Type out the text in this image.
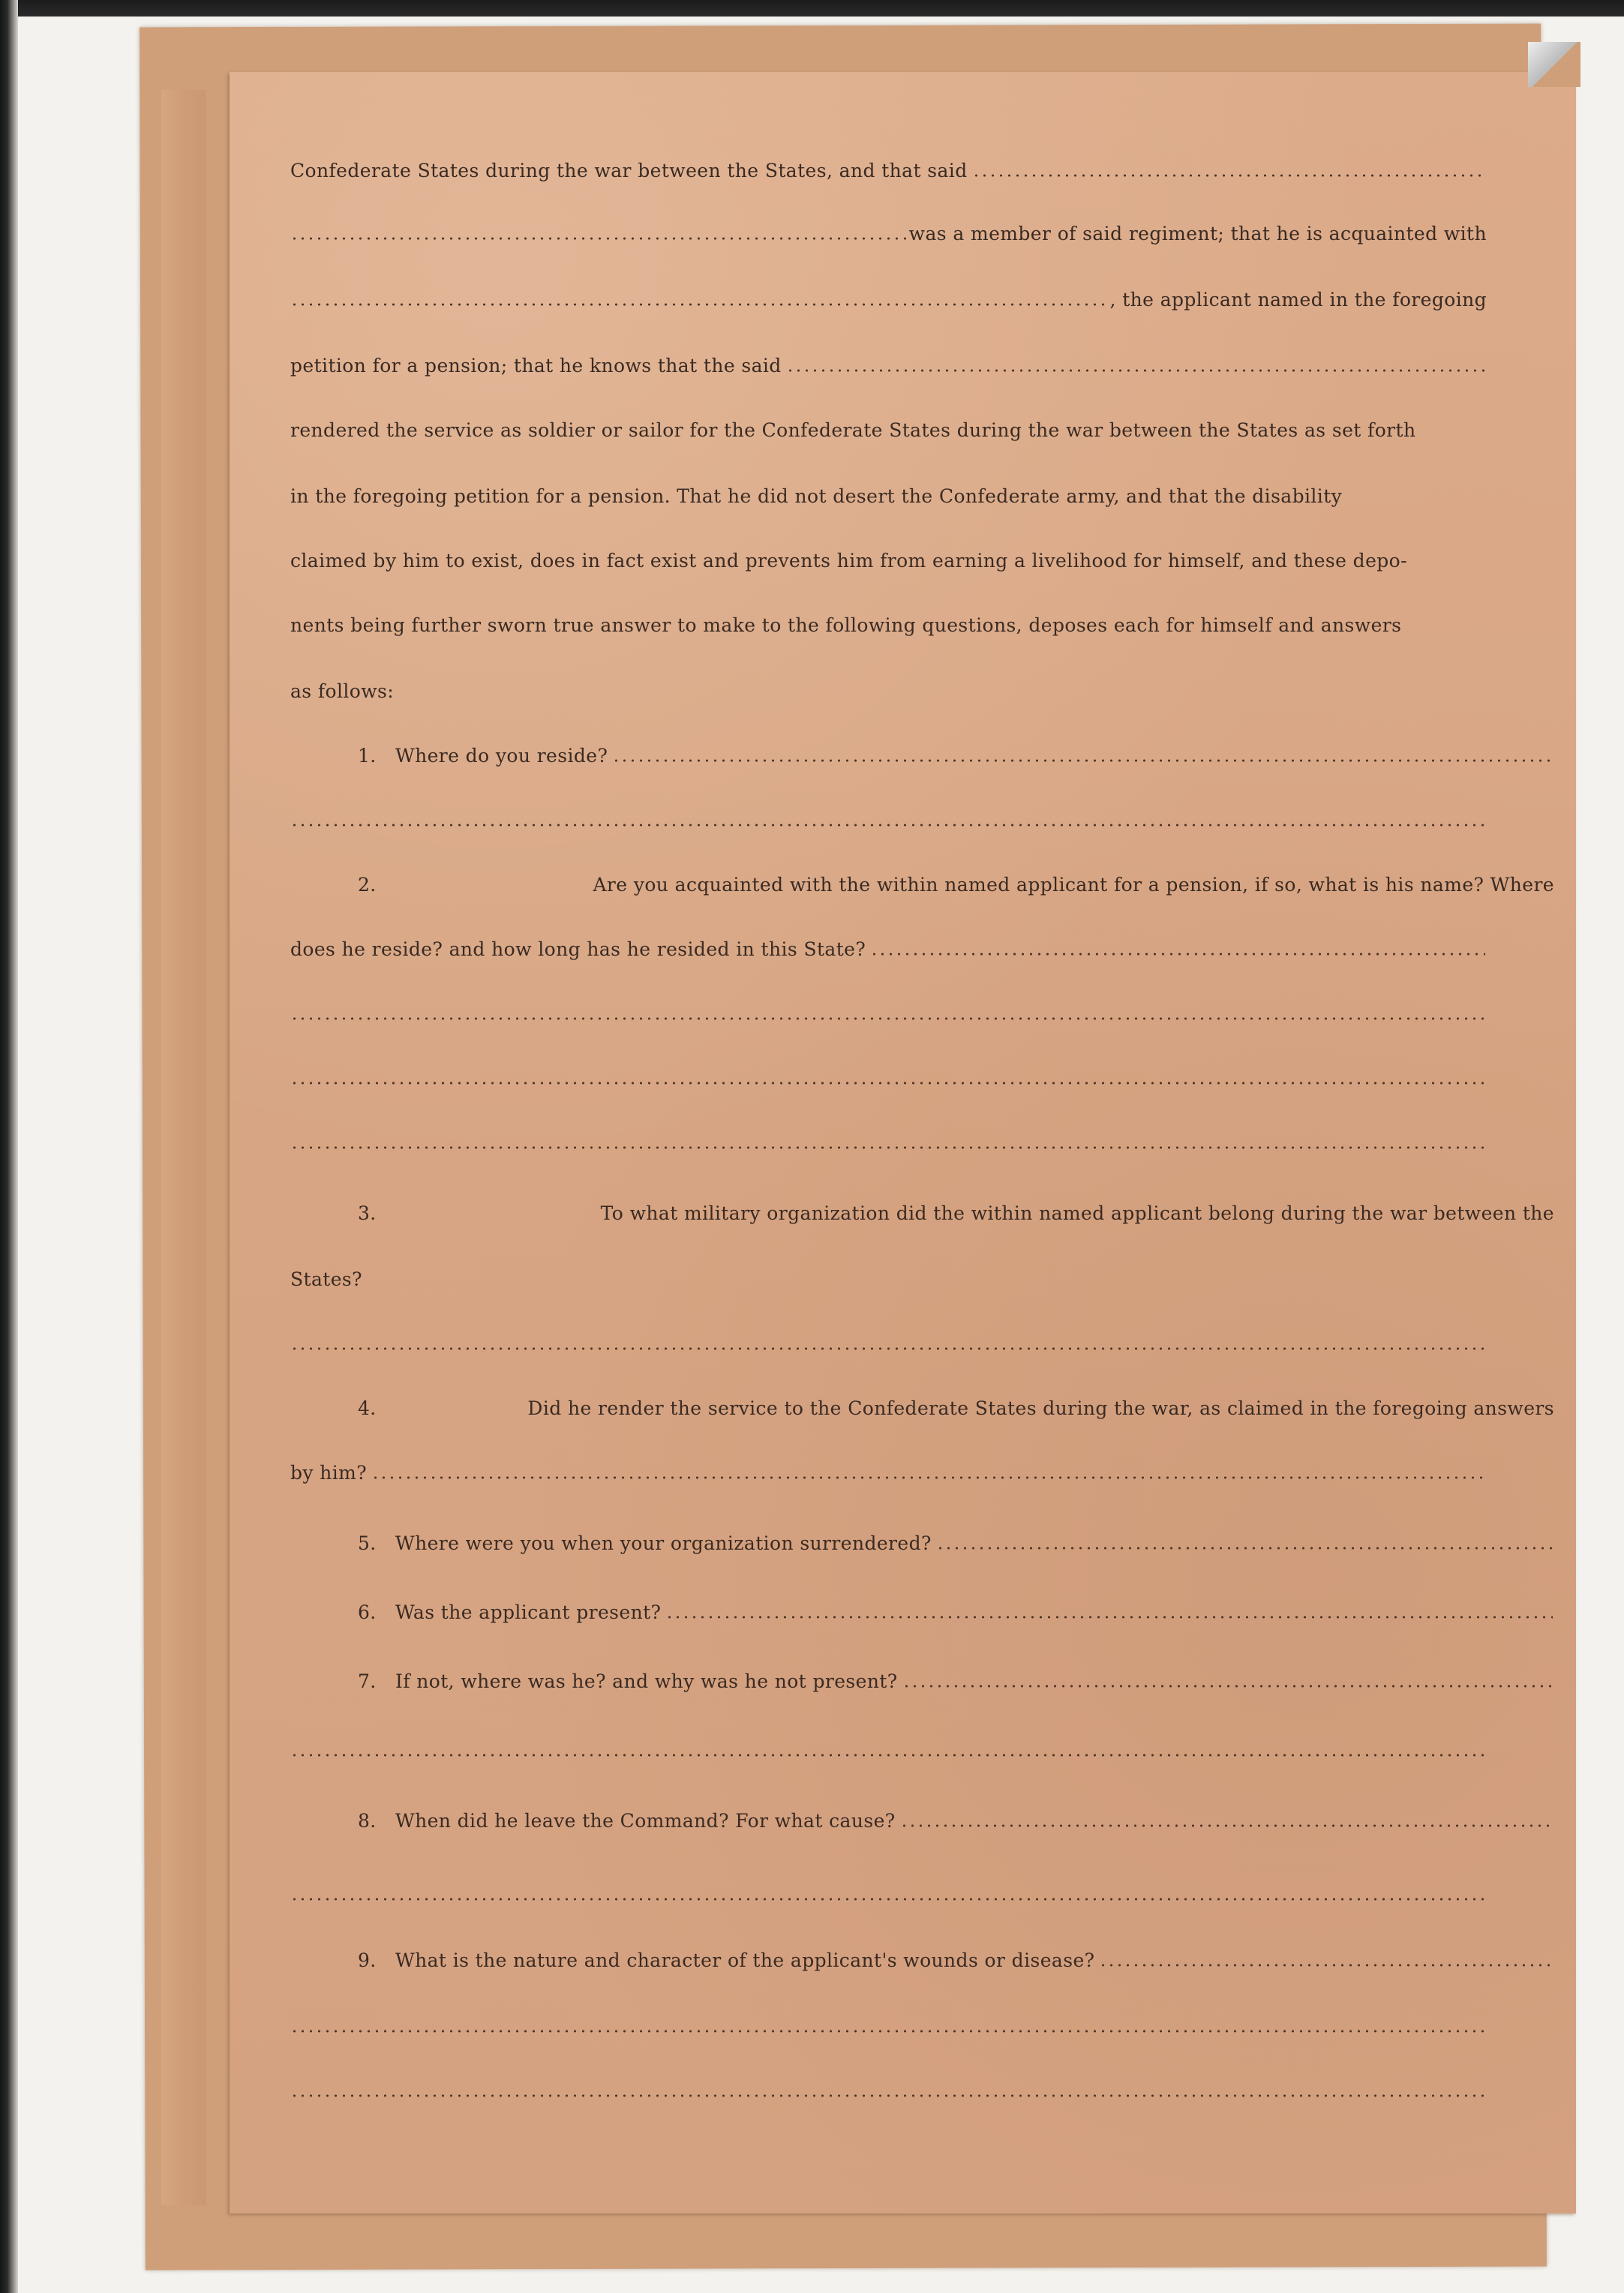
Confederate States during the war between the States, and that said
was a member of said regiment; that he is acquainted with
, the applicant named in the foregoing
petition for a pension; that he knows that the said
rendered the service as soldier or sailor for the Confederate States during the war between the States as set forth
in the foregoing petition for a pension. That he did not desert the Confederate army, and that the disability
claimed by him to exist, does in fact exist and prevents him from earning a livelihood for himself, and these depo-
nents being further sworn true answer to make to the following questions, deposes each for himself and answers
as follows:
1.	Where do you reside?
2.	Are you acquainted with the within named applicant for a pension, if so, what is his name? Where
does he reside? and how long has he resided in this State?
3.	To what military organization did the within named applicant belong during the war between the
States?
4.	Did he render the service to the Confederate States during the war, as claimed in the foregoing answers
by him?
5.	Where were you when your organization surrendered?
6.	Was the applicant present?
7.	If not, where was he? and why was he not present?
8.	When did he leave the Command? For what cause?
9.	What is the nature and character of the applicant's wounds or disease?
